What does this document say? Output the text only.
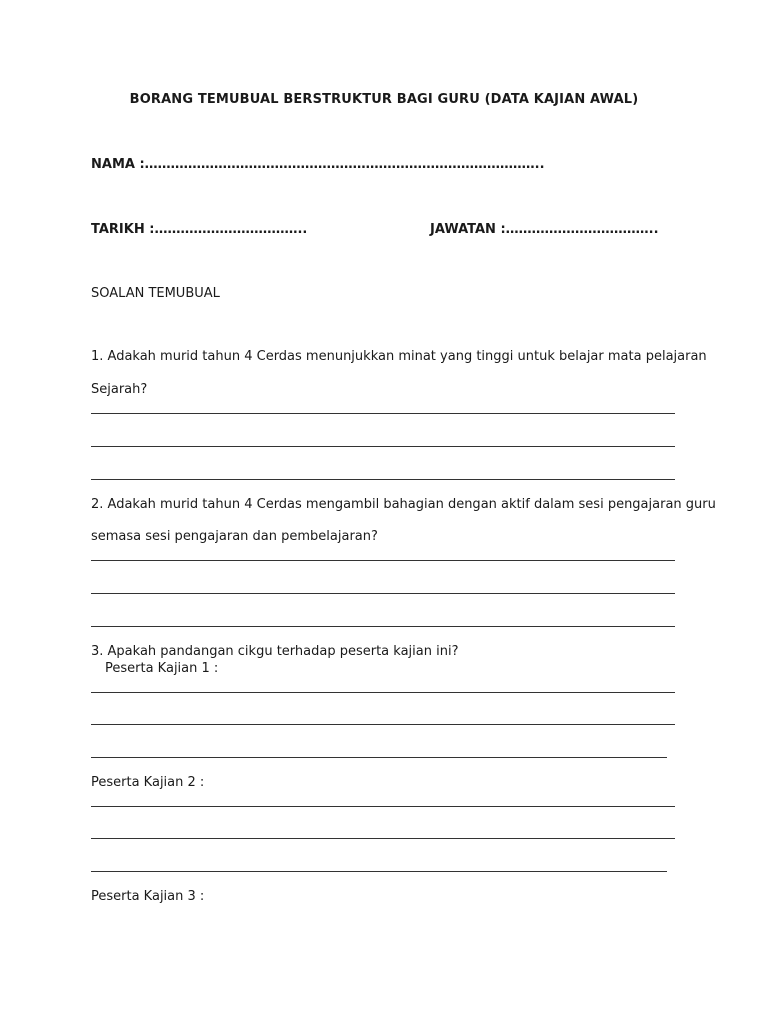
BORANG TEMUBUAL BERSTRUKTUR BAGI GURU (DATA KAJIAN AWAL)
NAMA :………………………………………………………………………………..
TARIKH :……………………………..	JAWATAN :……………………………..
SOALAN TEMUBUAL
1. Adakah murid tahun 4 Cerdas menunjukkan minat yang tinggi untuk belajar mata pelajaran
Sejarah?
2. Adakah murid tahun 4 Cerdas mengambil bahagian dengan aktif dalam sesi pengajaran guru
semasa sesi pengajaran dan pembelajaran?
3. Apakah pandangan cikgu terhadap peserta kajian ini?
Peserta Kajian 1 :
Peserta Kajian 2 :
Peserta Kajian 3 :
